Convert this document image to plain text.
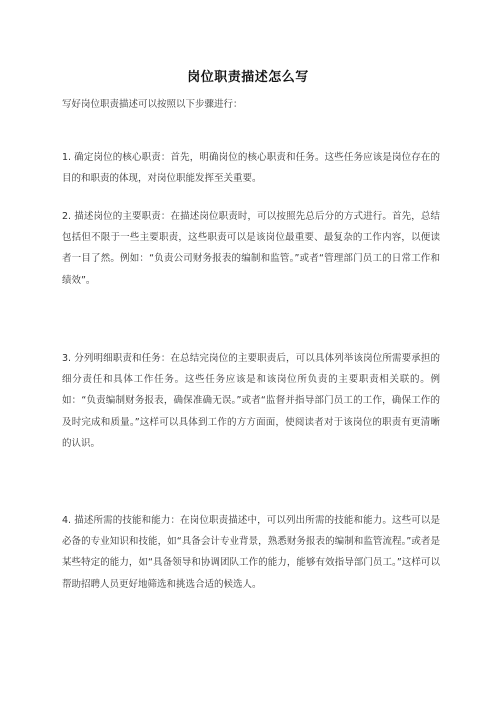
岗位职责描述怎么写
写好岗位职责描述可以按照以下步骤进行：
1. 确定岗位的核心职责：首先，明确岗位的核心职责和任务。这些任务应该是岗位存在的目的和职责的体现，对岗位职能发挥至关重要。
2. 描述岗位的主要职责：在描述岗位职责时，可以按照先总后分的方式进行。首先，总结包括但不限于一些主要职责，这些职责可以是该岗位最重要、最复杂的工作内容，以便读者一目了然。例如：“负责公司财务报表的编制和监管。”或者“管理部门员工的日常工作和绩效”。
3. 分列明细职责和任务：在总结完岗位的主要职责后，可以具体列举该岗位所需要承担的细分责任和具体工作任务。这些任务应该是和该岗位所负责的主要职责相关联的。例如：“负责编制财务报表，确保准确无误。”或者“监督并指导部门员工的工作，确保工作的及时完成和质量。”这样可以具体到工作的方方面面，使阅读者对于该岗位的职责有更清晰的认识。
4. 描述所需的技能和能力：在岗位职责描述中，可以列出所需的技能和能力。这些可以是必备的专业知识和技能，如“具备会计专业背景，熟悉财务报表的编制和监管流程。”或者是某些特定的能力，如“具备领导和协调团队工作的能力，能够有效指导部门员工。”这样可以帮助招聘人员更好地筛选和挑选合适的候选人。
